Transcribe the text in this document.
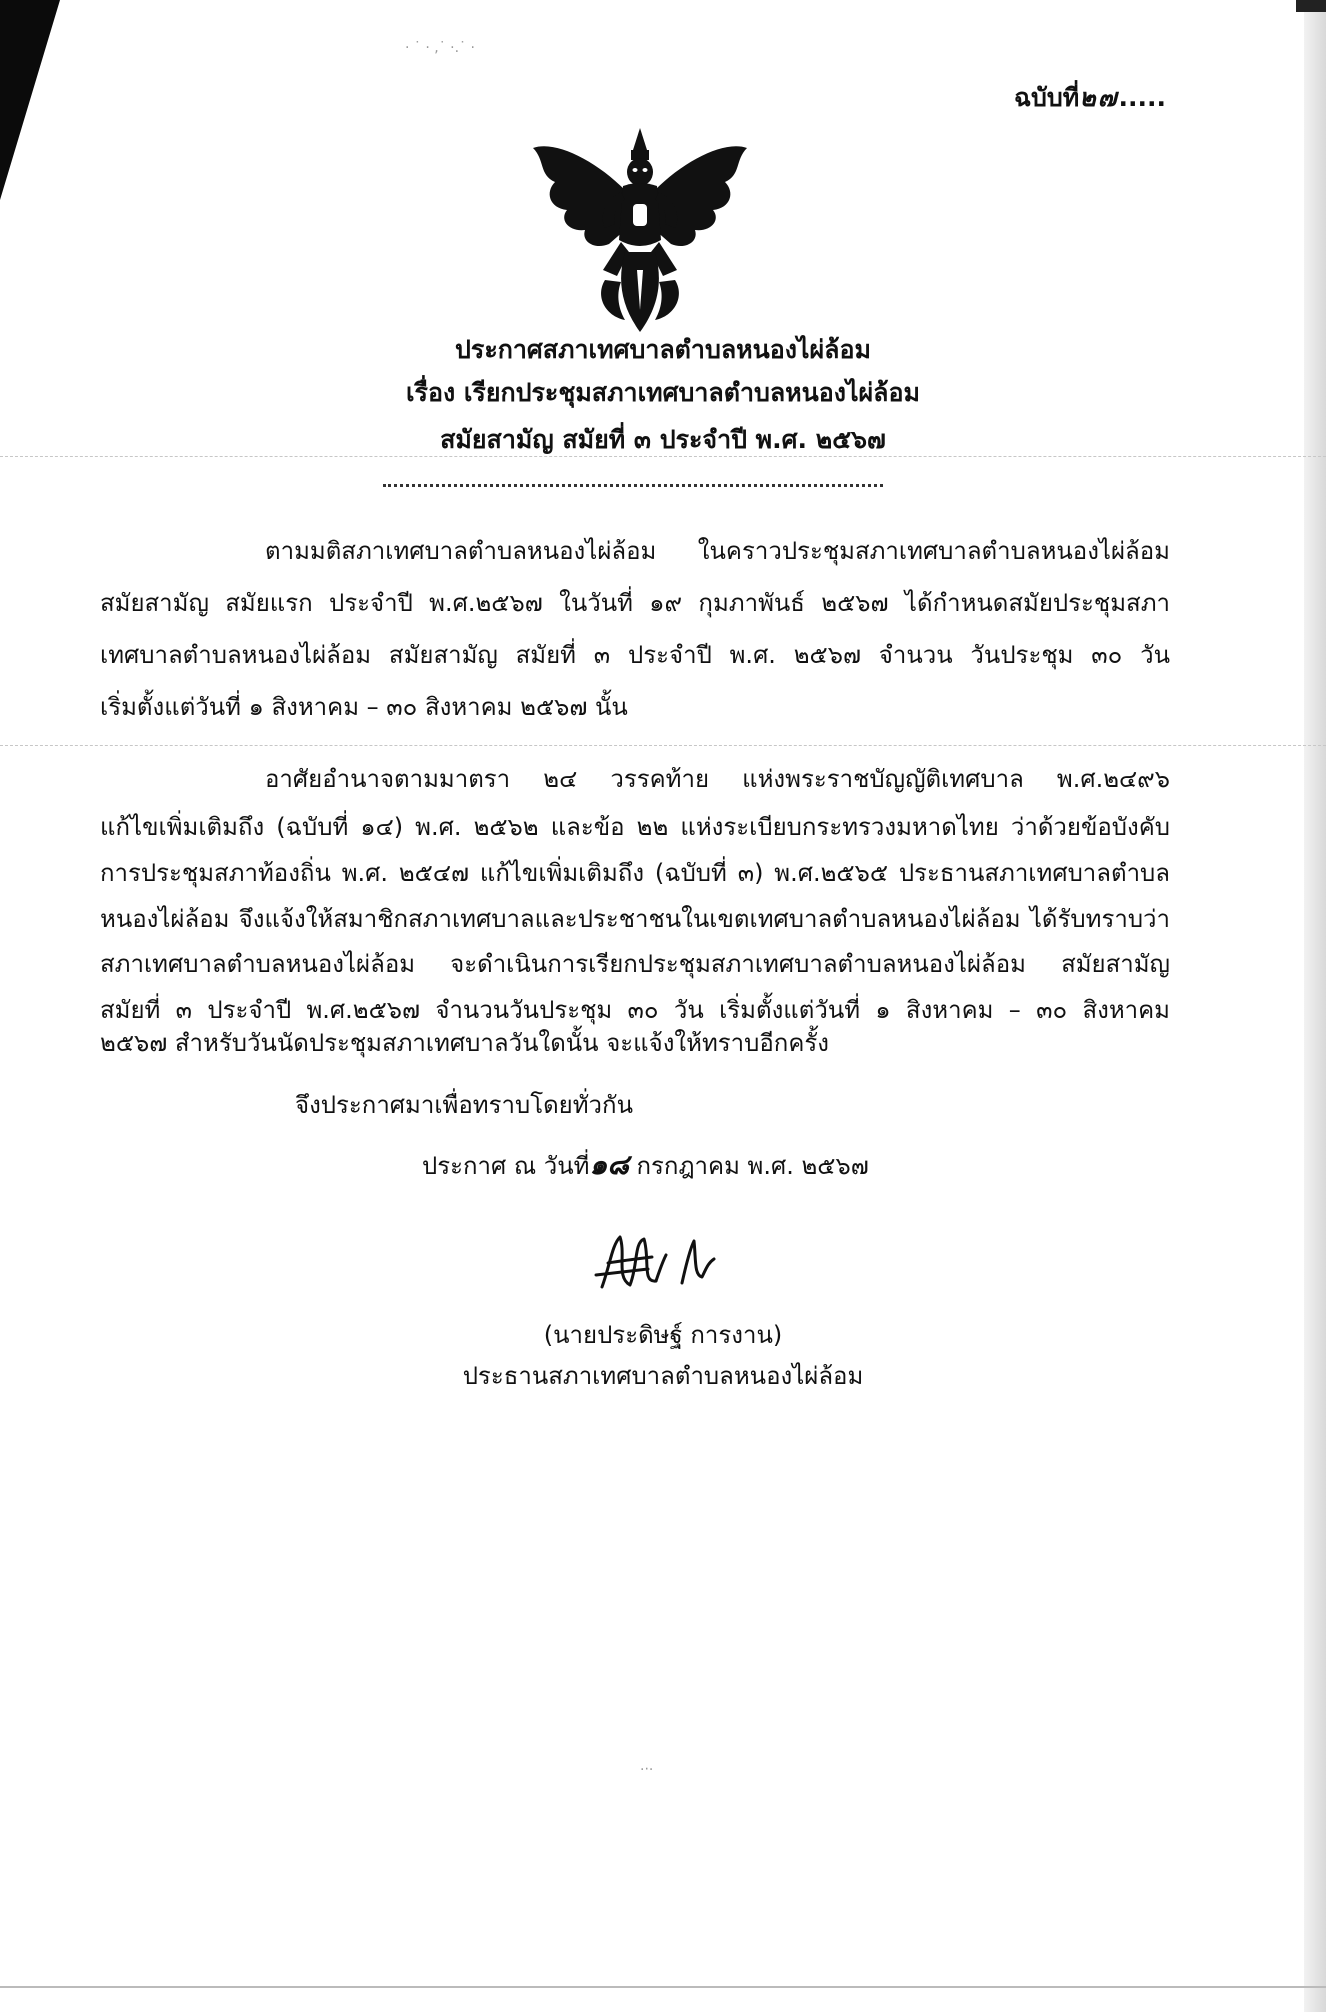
ฉบับที่๒๗.....
ประกาศสภาเทศบาลตำบลหนองไผ่ล้อม
เรื่อง เรียกประชุมสภาเทศบาลตำบลหนองไผ่ล้อม
สมัยสามัญ สมัยที่ ๓ ประจำปี พ.ศ. ๒๕๖๗
ตามมติสภาเทศบาลตำบลหนองไผ่ล้อม ในคราวประชุมสภาเทศบาลตำบลหนองไผ่ล้อม
สมัยสามัญ สมัยแรก ประจำปี พ.ศ.๒๕๖๗ ในวันที่ ๑๙ กุมภาพันธ์ ๒๕๖๗ ได้กำหนดสมัยประชุมสภา
เทศบาลตำบลหนองไผ่ล้อม สมัยสามัญ สมัยที่ ๓ ประจำปี พ.ศ. ๒๕๖๗ จำนวน วันประชุม ๓๐ วัน
เริ่มตั้งแต่วันที่ ๑ สิงหาคม – ๓๐ สิงหาคม ๒๕๖๗ นั้น
อาศัยอำนาจตามมาตรา ๒๔ วรรคท้าย แห่งพระราชบัญญัติเทศบาล พ.ศ.๒๔๙๖
แก้ไขเพิ่มเติมถึง (ฉบับที่ ๑๔) พ.ศ. ๒๕๖๒ และข้อ ๒๒ แห่งระเบียบกระทรวงมหาดไทย ว่าด้วยข้อบังคับ
การประชุมสภาท้องถิ่น พ.ศ. ๒๕๔๗ แก้ไขเพิ่มเติมถึง (ฉบับที่ ๓) พ.ศ.๒๕๖๕ ประธานสภาเทศบาลตำบล
หนองไผ่ล้อม จึงแจ้งให้สมาชิกสภาเทศบาลและประชาชนในเขตเทศบาลตำบลหนองไผ่ล้อม ได้รับทราบว่า
สภาเทศบาลตำบลหนองไผ่ล้อม จะดำเนินการเรียกประชุมสภาเทศบาลตำบลหนองไผ่ล้อม สมัยสามัญ
สมัยที่ ๓ ประจำปี พ.ศ.๒๕๖๗ จำนวนวันประชุม ๓๐ วัน เริ่มตั้งแต่วันที่ ๑ สิงหาคม – ๓๐ สิงหาคม
๒๕๖๗ สำหรับวันนัดประชุมสภาเทศบาลวันใดนั้น จะแจ้งให้ทราบอีกครั้ง
จึงประกาศมาเพื่อทราบโดยทั่วกัน
ประกาศ ณ วันที่๑๘ กรกฎาคม พ.ศ. ๒๕๖๗
(นายประดิษฐ์ การงาน)
ประธานสภาเทศบาลตำบลหนองไผ่ล้อม
· ˙ · ,˙ ·.˙ ·
·‧·
